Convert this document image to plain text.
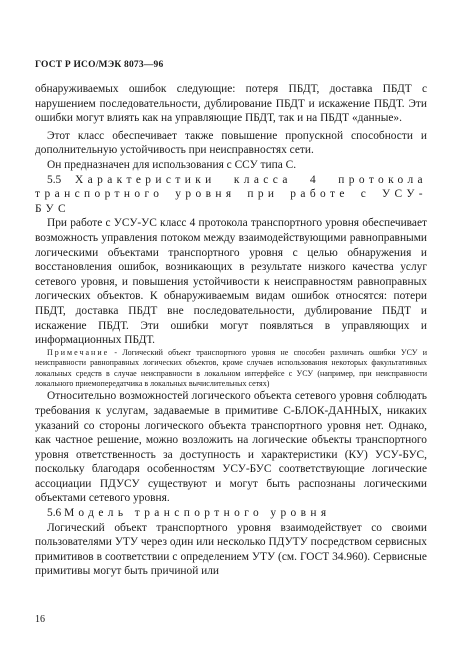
ГОСТ Р ИСО/МЭК 8073—96

обнаруживаемых ошибок следующие: потеря ПБДТ, доставка ПБДТ с нарушением последовательности, дублирование ПБДТ и искажение ПБДТ. Эти ошибки могут влиять как на управляющие ПБДТ, так и на ПБДТ «данные».

Этот класс обеспечивает также повышение пропускной способности и дополнительную устойчивость при неисправностях сети.

Он предназначен для использования с ССУ типа С.

5.5 Характеристики класса 4 протокола транспортного уровня при работе с УСУ-БУС

При работе с УСУ-УС класс 4 протокола транспортного уровня обеспечивает возможность управления потоком между взаимодействующими равноправными логическими объектами транспортного уровня с целью обнаружения и восстановления ошибок, возникающих в результате низкого качества услуг сетевого уровня, и повышения устойчивости к неисправностям равноправных логических объектов. К обнаруживаемым видам ошибок относятся: потери ПБДТ, доставка ПБДТ вне последовательности, дублирование ПБДТ и искажение ПБДТ. Эти ошибки могут появляться в управляющих и информационных ПБДТ.

Примечание - Логический объект транспортного уровня не способен различать ошибки УСУ и неисправности равноправных логических объектов, кроме случаев использования некоторых факультативных локальных средств в случае неисправности в локальном интерфейсе с УСУ (например, при неисправности локального приемопередатчика в локальных вычислительных сетях)

Относительно возможностей логического объекта сетевого уровня соблюдать требования к услугам, задаваемые в примитиве С-БЛОК-ДАННЫХ, никаких указаний со стороны логического объекта транспортного уровня нет. Однако, как частное решение, можно возложить на логические объекты транспортного уровня ответственность за доступность и характеристики (КУ) УСУ-БУС, поскольку благодаря особенностям УСУ-БУС соответствующие логические ассоциации ПДУСУ существуют и могут быть распознаны логическими объектами сетевого уровня.

5.6 Модель транспортного уровня

Логический объект транспортного уровня взаимодействует со своими пользователями УТУ через один или несколько ПДУТУ посредством сервисных примитивов в соответствии с определением УТУ (см. ГОСТ 34.960). Сервисные примитивы могут быть причиной или

16
